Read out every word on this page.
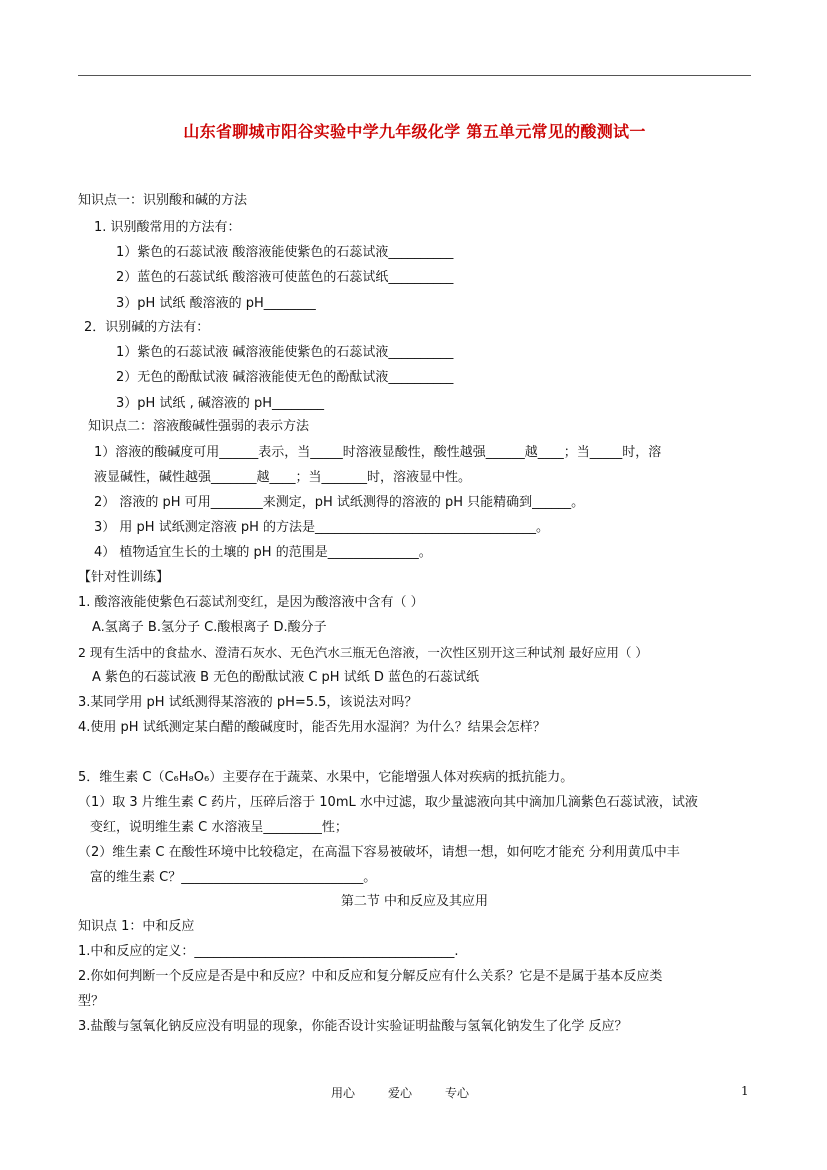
山东省聊城市阳谷实验中学九年级化学 第五单元常见的酸测试一
知识点一：识别酸和碱的方法
1. 识别酸常用的方法有：
1）紫色的石蕊试液 酸溶液能使紫色的石蕊试液__________
2）蓝色的石蕊试纸 酸溶液可使蓝色的石蕊试纸__________
3）pH 试纸 酸溶液的 pH________
2．识别碱的方法有：
1）紫色的石蕊试液 碱溶液能使紫色的石蕊试液__________
2）无色的酚酞试液 碱溶液能使无色的酚酞试液__________
3）pH 试纸 , 碱溶液的 pH________
知识点二：溶液酸碱性强弱的表示方法
1）溶液的酸碱度可用______表示，当_____时溶液显酸性，酸性越强______越____；当_____时，溶
液显碱性，碱性越强_______越____；当_______时，溶液显中性。
2） 溶液的 pH 可用________来测定，pH 试纸测得的溶液的 pH 只能精确到______。
3） 用 pH 试纸测定溶液 pH 的方法是__________________________________。
4） 植物适宜生长的土壤的 pH 的范围是______________。
【针对性训练】
1. 酸溶液能使紫色石蕊试剂变红，是因为酸溶液中含有（ ）
A.氢离子 B.氢分子 C.酸根离子 D.酸分子
2 现有生活中的食盐水、澄清石灰水、无色汽水三瓶无色溶液，一次性区别开这三种试剂 最好应用（ ）
A 紫色的石蕊试液 B 无色的酚酞试液 C pH 试纸 D 蓝色的石蕊试纸
3.某同学用 pH 试纸测得某溶液的 pH=5.5，该说法对吗？
4.使用 pH 试纸测定某白醋的酸碱度时，能否先用水湿润？为什么？结果会怎样？
5．维生素 C（C₆H₈O₆）主要存在于蔬菜、水果中，它能增强人体对疾病的抵抗能力。
（1）取 3 片维生素 C 药片，压碎后溶于 10mL 水中过滤，取少量滤液向其中滴加几滴紫色石蕊试液，试液
变红，说明维生素 C 水溶液呈_________性；
（2）维生素 C 在酸性环境中比较稳定，在高温下容易被破坏，请想一想，如何吃才能充 分利用黄瓜中丰
富的维生素 C？____________________________。
第二节 中和反应及其应用
知识点 1：中和反应
1.中和反应的定义：________________________________________.
2.你如何判断一个反应是否是中和反应？中和反应和复分解反应有什么关系？它是不是属于基本反应类
型？
3.盐酸与氢氧化钠反应没有明显的现象，你能否设计实验证明盐酸与氢氧化钠发生了化学 反应？
用心	爱心	专心	1
